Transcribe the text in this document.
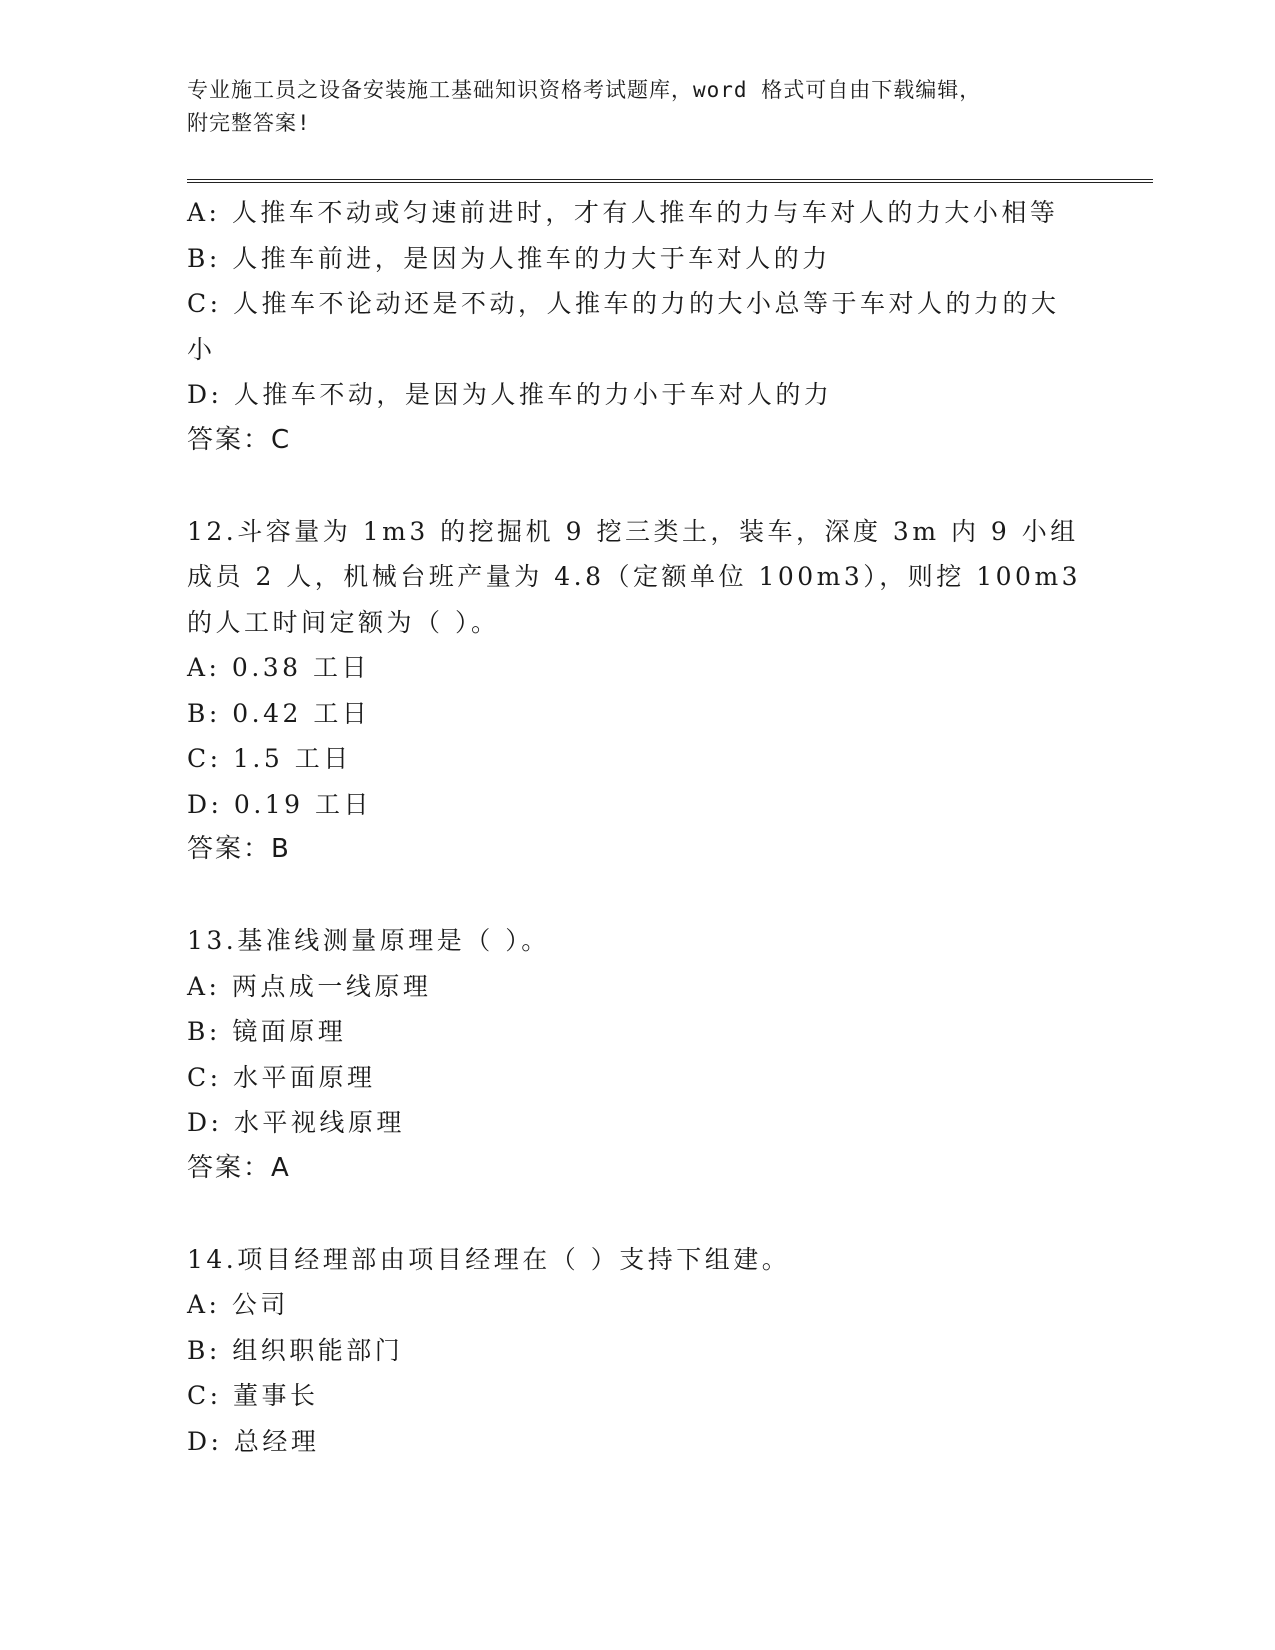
专业施工员之设备安装施工基础知识资格考试题库，word 格式可自由下载编辑，
附完整答案!

A: 人推车不动或匀速前进时，才有人推车的力与车对人的力大小相等

B: 人推车前进，是因为人推车的力大于车对人的力

C: 人推车不论动还是不动，人推车的力的大小总等于车对人的力的大小

D: 人推车不动，是因为人推车的力小于车对人的力

答案：C

12.斗容量为 1m3 的挖掘机 9 挖三类土，装车，深度 3m 内 9 小组成员 2 人，机械台班产量为 4.8（定额单位 100m3），则挖 100m3 的人工时间定额为（ ）。

A: 0.38 工日

B: 0.42 工日

C: 1.5 工日

D: 0.19 工日

答案：B

13.基准线测量原理是（ ）。

A: 两点成一线原理

B: 镜面原理

C: 水平面原理

D: 水平视线原理

答案：A

14.项目经理部由项目经理在（ ）支持下组建。

A: 公司

B: 组织职能部门

C: 董事长

D: 总经理
